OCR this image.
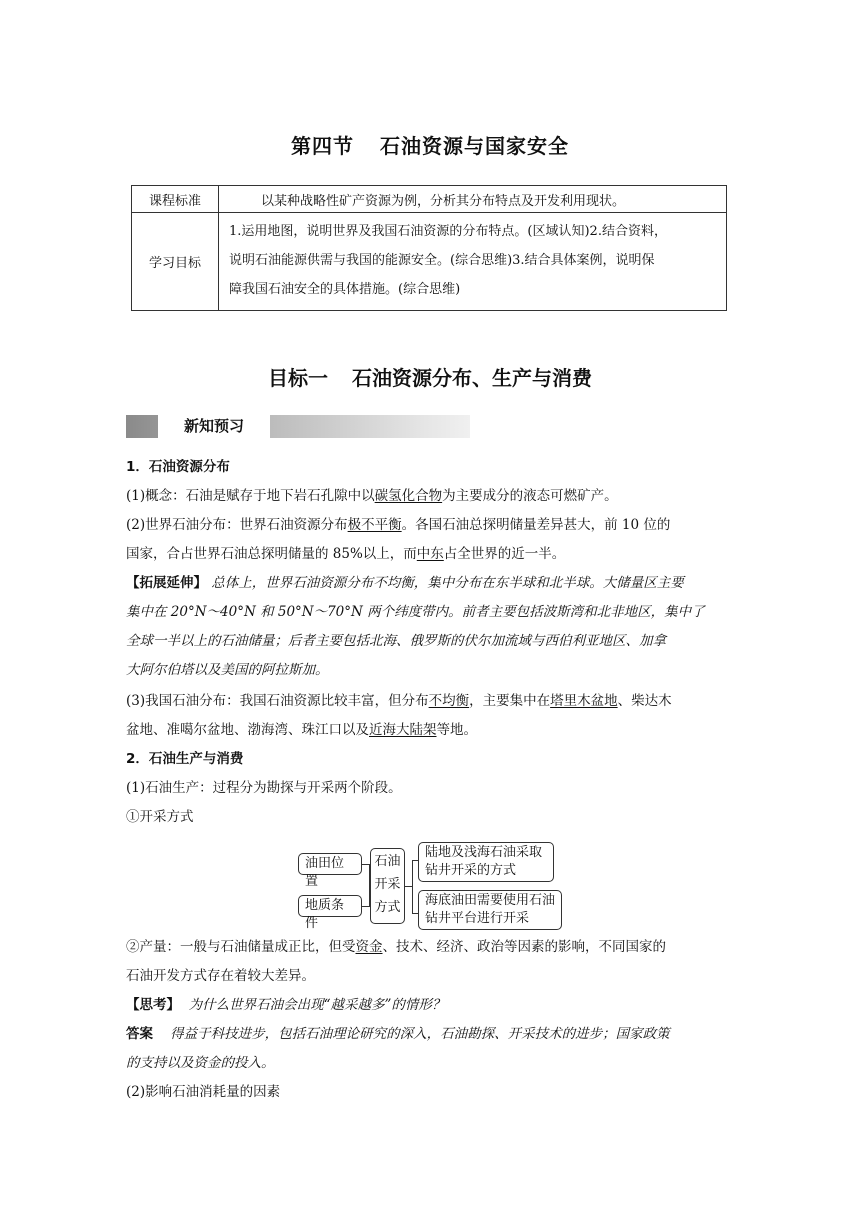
第四节 石油资源与国家安全
课程标准	以某种战略性矿产资源为例，分析其分布特点及开发利用现状。
学习目标	1.运用地图，说明世界及我国石油资源的分布特点。(区域认知)2.结合资料，
说明石油能源供需与我国的能源安全。(综合思维)3.结合具体案例，说明保
障我国石油安全的具体措施。(综合思维)
目标一 石油资源分布、生产与消费
新知预习
1．石油资源分布
(1)概念：石油是赋存于地下岩石孔隙中以碳氢化合物为主要成分的液态可燃矿产。
(2)世界石油分布：世界石油资源分布极不平衡。各国石油总探明储量差异甚大，前 10 位的
国家，合占世界石油总探明储量的 85%以上，而中东占全世界的近一半。
【拓展延伸】 总体上，世界石油资源分布不均衡，集中分布在东半球和北半球。大储量区主要
集中在 20°N～40°N 和 50°N～70°N 两个纬度带内。前者主要包括波斯湾和北非地区，集中了
全球一半以上的石油储量；后者主要包括北海、俄罗斯的伏尔加流域与西伯利亚地区、加拿
大阿尔伯塔以及美国的阿拉斯加。
(3)我国石油分布：我国石油资源比较丰富，但分布不均衡，主要集中在塔里木盆地、柴达木
盆地、准噶尔盆地、渤海湾、珠江口以及近海大陆架等地。
2．石油生产与消费
(1)石油生产：过程分为勘探与开采两个阶段。
①开采方式
油田位置
地质条件
石油
开采
方式
陆地及浅海石油采取
钻井开采的方式
海底油田需要使用石油
钻井平台进行开采
②产量：一般与石油储量成正比，但受资金、技术、经济、政治等因素的影响，不同国家的
石油开发方式存在着较大差异。
【思考】 为什么世界石油会出现“越采越多”的情形？
答案 得益于科技进步，包括石油理论研究的深入，石油勘探、开采技术的进步；国家政策
的支持以及资金的投入。
(2)影响石油消耗量的因素
